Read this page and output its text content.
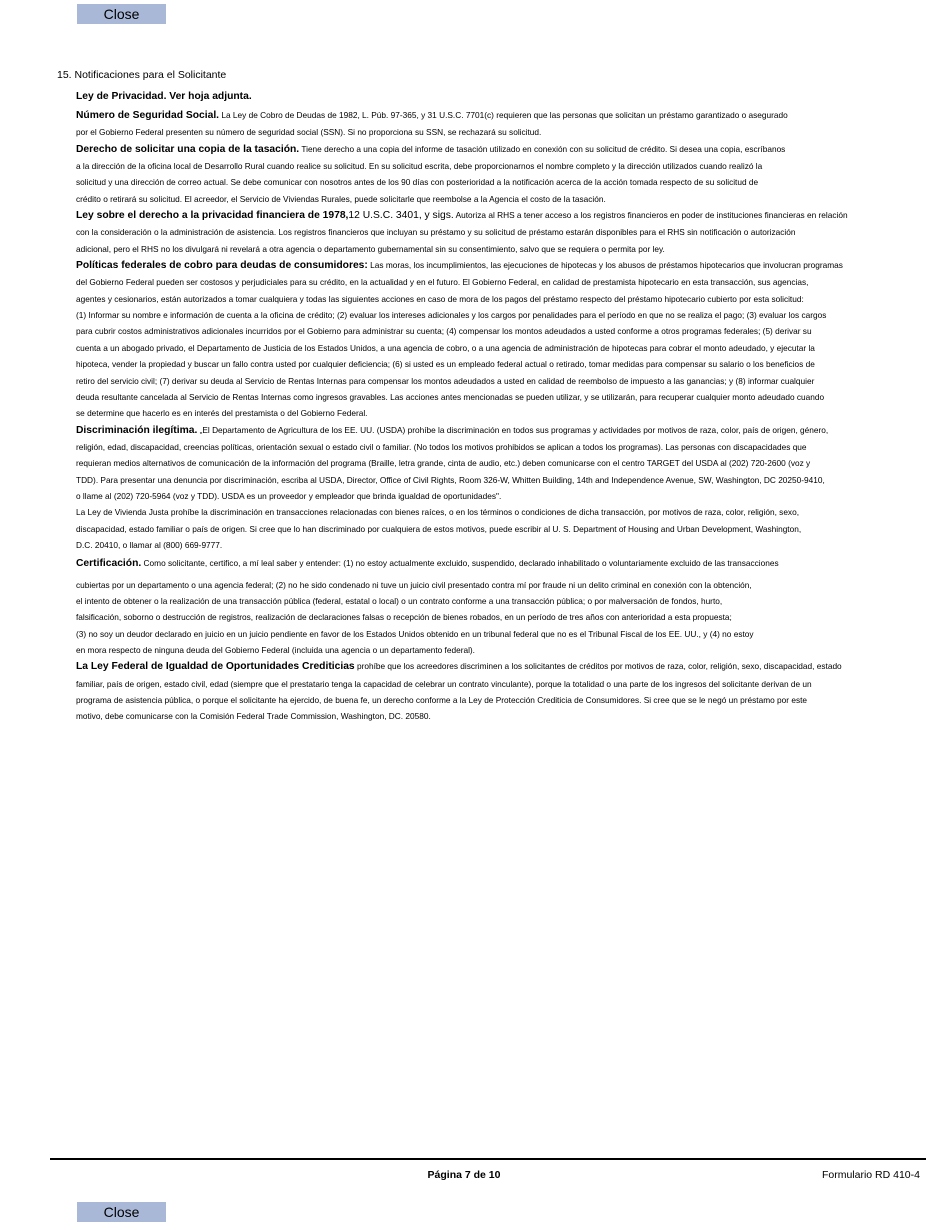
Close
15. Notificaciones para el Solicitante

Ley de Privacidad. Ver hoja adjunta.

Número de Seguridad Social. La Ley de Cobro de Deudas de 1982, L. Púb. 97-365, y 31 U.S.C. 7701(c) requieren que las personas que solicitan un préstamo garantizado o asegurado
por el Gobierno Federal presenten su número de seguridad social (SSN). Si no proporciona su SSN, se rechazará su solicitud.

Derecho de solicitar una copia de la tasación. Tiene derecho a una copia del informe de tasación utilizado en conexión con su solicitud de crédito. Si desea una copia, escríbanos
a la dirección de la oficina local de Desarrollo Rural cuando realice su solicitud. En su solicitud escrita, debe proporcionarnos el nombre completo y la dirección utilizados cuando realizó la
solicitud y una dirección de correo actual. Se debe comunicar con nosotros antes de los 90 días con posterioridad a la notificación acerca de la acción tomada respecto de su solicitud de
crédito o retirará su solicitud. El acreedor, el Servicio de Viviendas Rurales, puede solicitarle que reembolse a la Agencia el costo de la tasación.

Ley sobre el derecho a la privacidad financiera de 1978,12 U.S.C. 3401, y sigs. Autoriza al RHS a tener acceso a los registros financieros en poder de instituciones financieras en relación
con la consideración o la administración de asistencia. Los registros financieros que incluyan su préstamo y su solicitud de préstamo estarán disponibles para el RHS sin notificación o autorización
adicional, pero el RHS no los divulgará ni revelará a otra agencia o departamento gubernamental sin su consentimiento, salvo que se requiera o permita por ley.

Políticas federales de cobro para deudas de consumidores: Las moras, los incumplimientos, las ejecuciones de hipotecas y los abusos de préstamos hipotecarios que involucran programas
del Gobierno Federal pueden ser costosos y perjudiciales para su crédito, en la actualidad y en el futuro. El Gobierno Federal, en calidad de prestamista hipotecario en esta transacción, sus agencias,
agentes y cesionarios, están autorizados a tomar cualquiera y todas las siguientes acciones en caso de mora de los pagos del préstamo respecto del préstamo hipotecario cubierto por esta solicitud:
(1) Informar su nombre e información de cuenta a la oficina de crédito; (2) evaluar los intereses adicionales y los cargos por penalidades para el período en que no se realiza el pago; (3) evaluar los cargos
para cubrir costos administrativos adicionales incurridos por el Gobierno para administrar su cuenta; (4) compensar los montos adeudados a usted conforme a otros programas federales; (5) derivar su
cuenta a un abogado privado, el Departamento de Justicia de los Estados Unidos, a una agencia de cobro, o a una agencia de administración de hipotecas para cobrar el monto adeudado, y ejecutar la
hipoteca, vender la propiedad y buscar un fallo contra usted por cualquier deficiencia; (6) si usted es un empleado federal actual o retirado, tomar medidas para compensar su salario o los beneficios de
retiro del servicio civil; (7) derivar su deuda al Servicio de Rentas Internas para compensar los montos adeudados a usted en calidad de reembolso de impuesto a las ganancias; y (8) informar cualquier
deuda resultante cancelada al Servicio de Rentas Internas como ingresos gravables. Las acciones antes mencionadas se pueden utilizar, y se utilizarán, para recuperar cualquier monto adeudado cuando
se determine que hacerlo es en interés del prestamista o del Gobierno Federal.

Discriminación ilegítima. „El Departamento de Agricultura de los EE. UU. (USDA) prohíbe la discriminación en todos sus programas y actividades por motivos de raza, color, país de origen, género,
religión, edad, discapacidad, creencias políticas, orientación sexual o estado civil o familiar. (No todos los motivos prohibidos se aplican a todos los programas). Las personas con discapacidades que
requieran medios alternativos de comunicación de la información del programa (Braille, letra grande, cinta de audio, etc.) deben comunicarse con el centro TARGET del USDA al (202) 720-2600 (voz y
TDD). Para presentar una denuncia por discriminación, escriba al USDA, Director, Office of Civil Rights, Room 326-W, Whitten Building, 14th and Independence Avenue, SW, Washington, DC 20250-9410,
o llame al (202) 720-5964 (voz y TDD). USDA es un proveedor y empleador que brinda igualdad de oportunidades".

La Ley de Vivienda Justa prohíbe la discriminación en transacciones relacionadas con bienes raíces, o en los términos o condiciones de dicha transacción, por motivos de raza, color, religión, sexo,
discapacidad, estado familiar o país de origen. Si cree que lo han discriminado por cualquiera de estos motivos, puede escribir al U. S. Department of Housing and Urban Development, Washington,
D.C. 20410, o llamar al (800) 669-9777.

Certificación. Como solicitante, certifico, a mí leal saber y entender: (1) no estoy actualmente excluido, suspendido, declarado inhabilitado o voluntariamente excluido de las transacciones

cubiertas por un departamento o una agencia federal; (2) no he sido condenado ni tuve un juicio civil presentado contra mí por fraude ni un delito criminal en conexión con la obtención,
el intento de obtener o la realización de una transacción pública (federal, estatal o local) o un contrato conforme a una transacción pública; o por malversación de fondos, hurto,
falsificación, soborno o destrucción de registros, realización de declaraciones falsas o recepción de bienes robados, en un período de tres años con anterioridad a esta propuesta;
(3) no soy un deudor declarado en juicio en un juicio pendiente en favor de los Estados Unidos obtenido en un tribunal federal que no es el Tribunal Fiscal de los EE. UU., y (4) no estoy
en mora respecto de ninguna deuda del Gobierno Federal (incluida una agencia o un departamento federal).

La Ley Federal de Igualdad de Oportunidades Crediticias prohíbe que los acreedores discriminen a los solicitantes de créditos por motivos de raza, color, religión, sexo, discapacidad, estado
familiar, país de origen, estado civil, edad (siempre que el prestatario tenga la capacidad de celebrar un contrato vinculante), porque la totalidad o una parte de los ingresos del solicitante derivan de un
programa de asistencia pública, o porque el solicitante ha ejercido, de buena fe, un derecho conforme a la Ley de Protección Crediticia de Consumidores. Si cree que se le negó un préstamo por este
motivo, debe comunicarse con la Comisión Federal Trade Commission, Washington, DC. 20580.

Página 7 de 10	Formulario RD 410-4
Close
